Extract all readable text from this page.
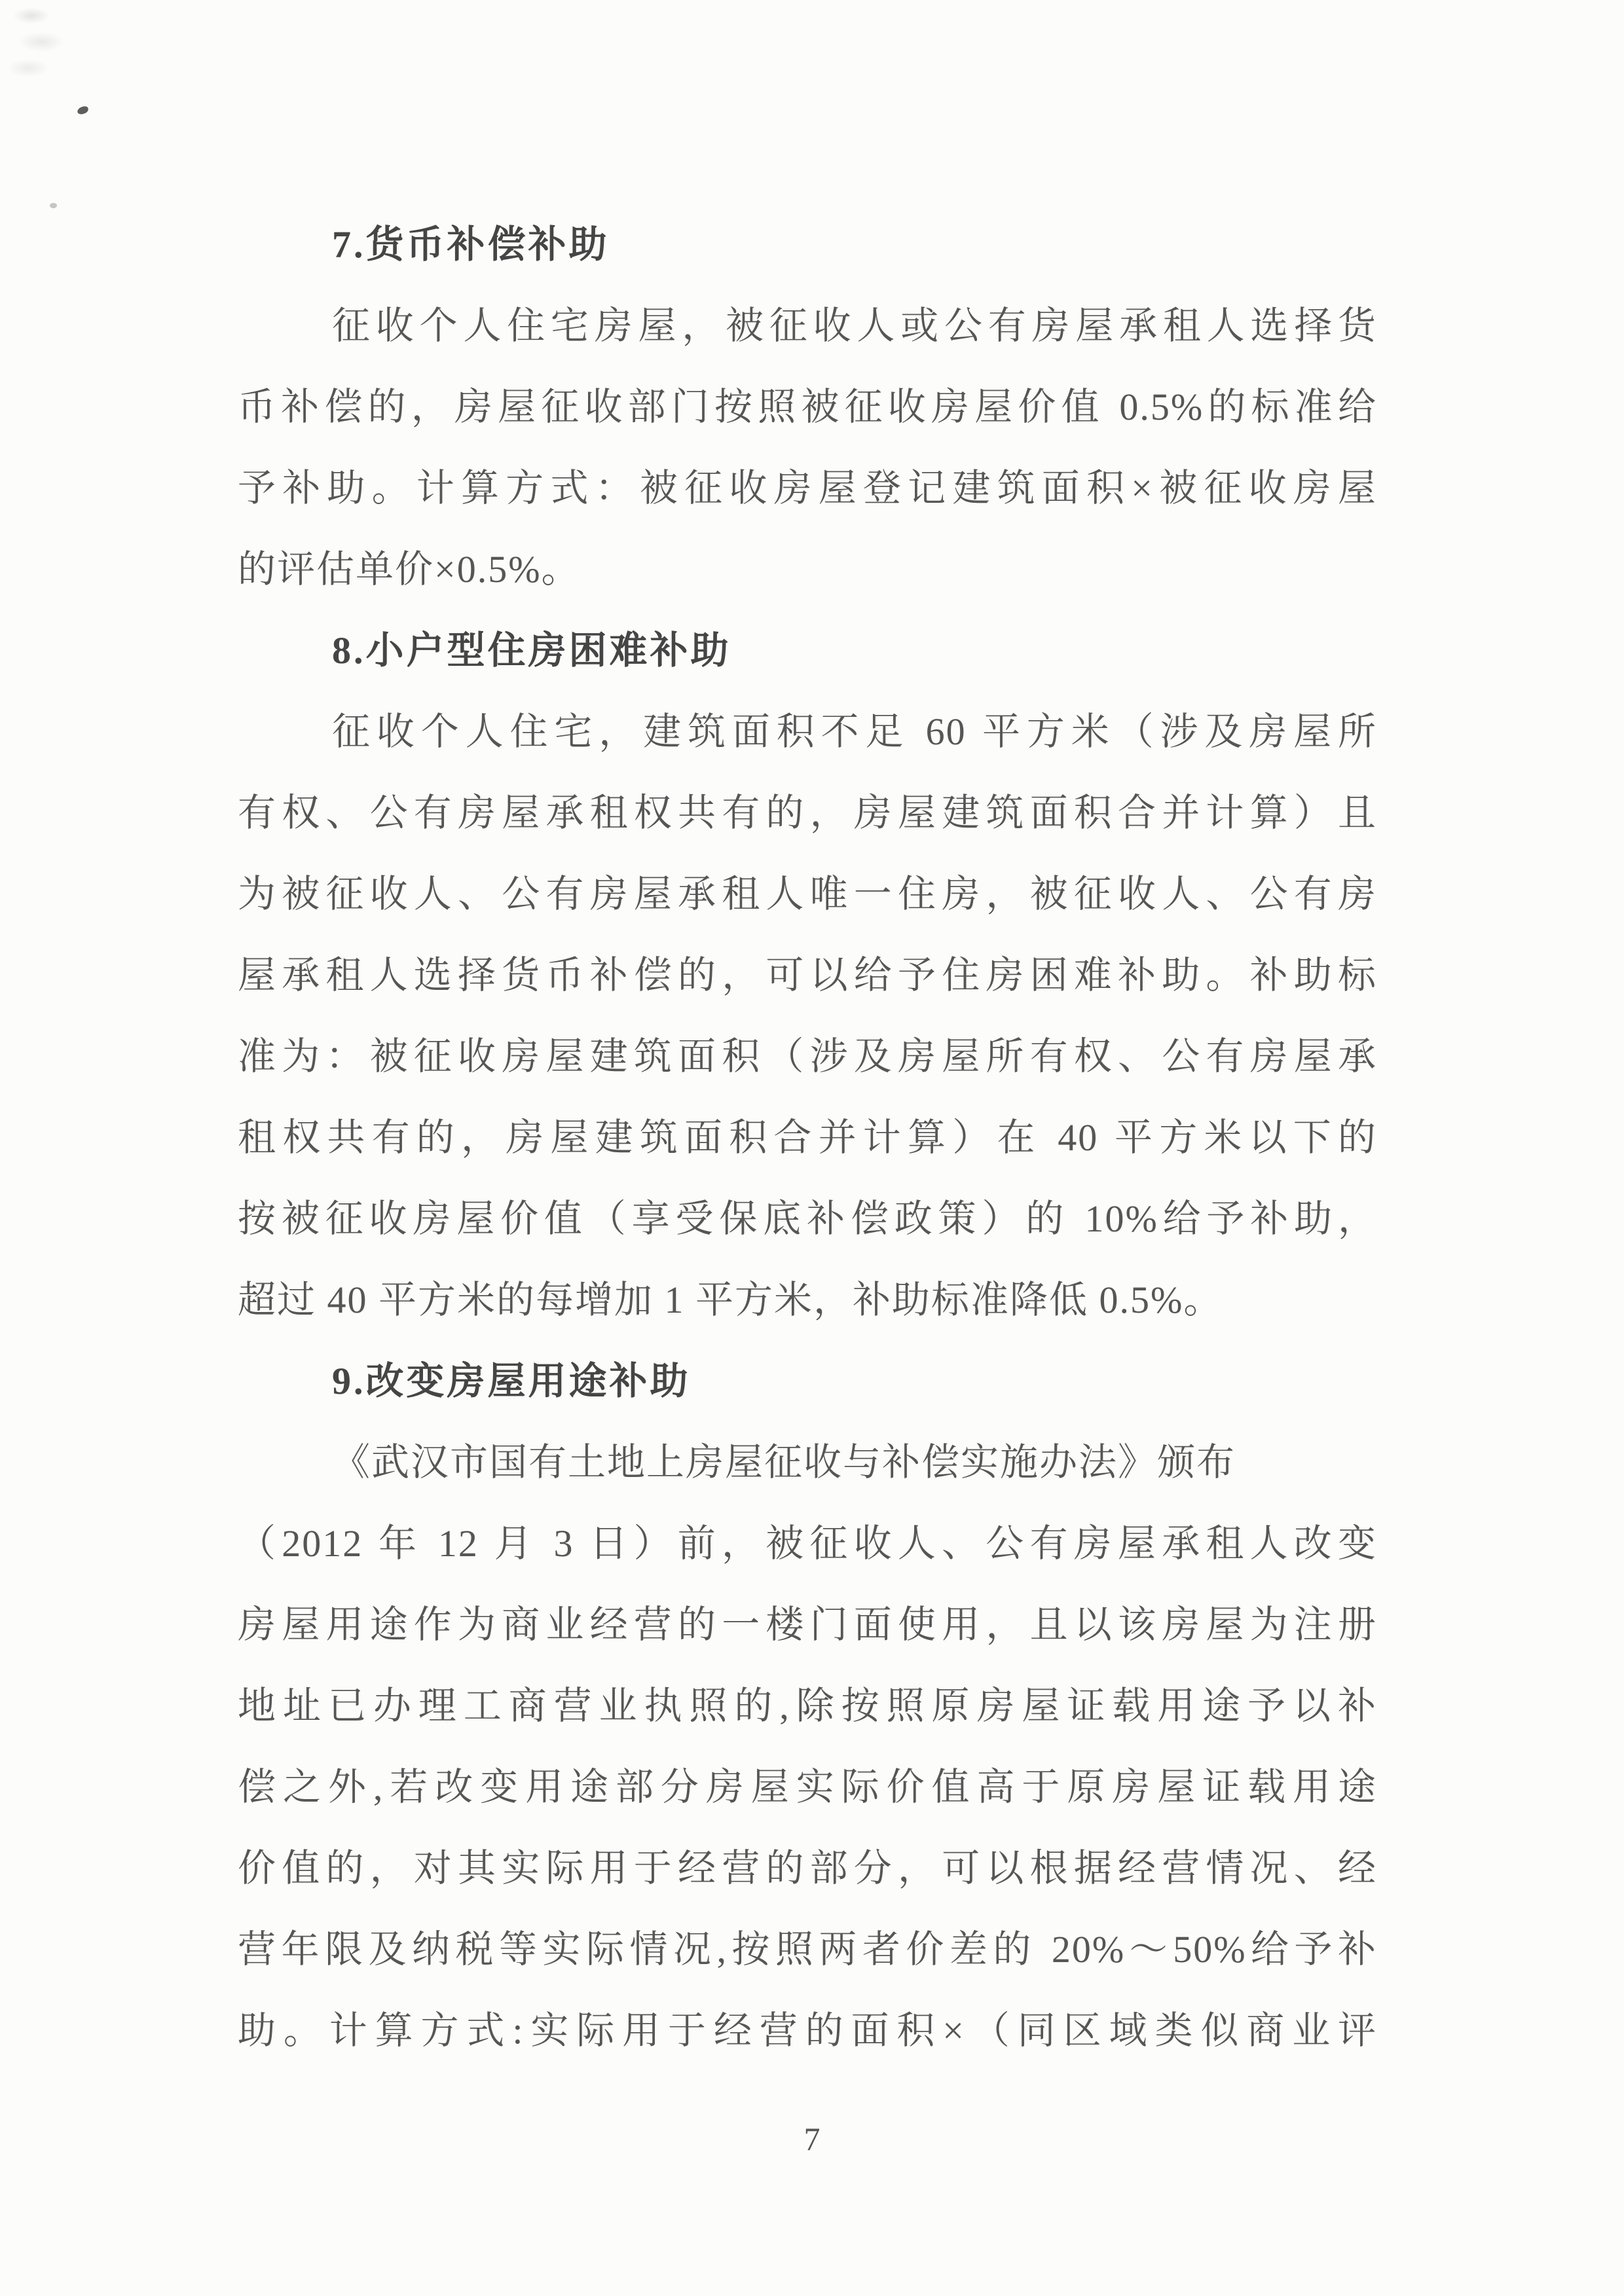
7.货币补偿补助
征收个人住宅房屋，被征收人或公有房屋承租人选择货
币补偿的，房屋征收部门按照被征收房屋价值 0.5%的标准给
予补助。计算方式：被征收房屋登记建筑面积×被征收房屋
的评估单价×0.5%。
8.小户型住房困难补助
征收个人住宅，建筑面积不足 60 平方米（涉及房屋所
有权、公有房屋承租权共有的，房屋建筑面积合并计算）且
为被征收人、公有房屋承租人唯一住房，被征收人、公有房
屋承租人选择货币补偿的，可以给予住房困难补助。补助标
准为：被征收房屋建筑面积（涉及房屋所有权、公有房屋承
租权共有的，房屋建筑面积合并计算）在 40 平方米以下的
按被征收房屋价值（享受保底补偿政策）的 10%给予补助，
超过 40 平方米的每增加 1 平方米，补助标准降低 0.5%。
9.改变房屋用途补助
《武汉市国有土地上房屋征收与补偿实施办法》颁布
（2012 年 12 月 3 日）前，被征收人、公有房屋承租人改变
房屋用途作为商业经营的一楼门面使用，且以该房屋为注册
地址已办理工商营业执照的,除按照原房屋证载用途予以补
偿之外,若改变用途部分房屋实际价值高于原房屋证载用途
价值的，对其实际用于经营的部分，可以根据经营情况、经
营年限及纳税等实际情况,按照两者价差的 20%～50%给予补
助。计算方式:实际用于经营的面积×（同区域类似商业评
7
